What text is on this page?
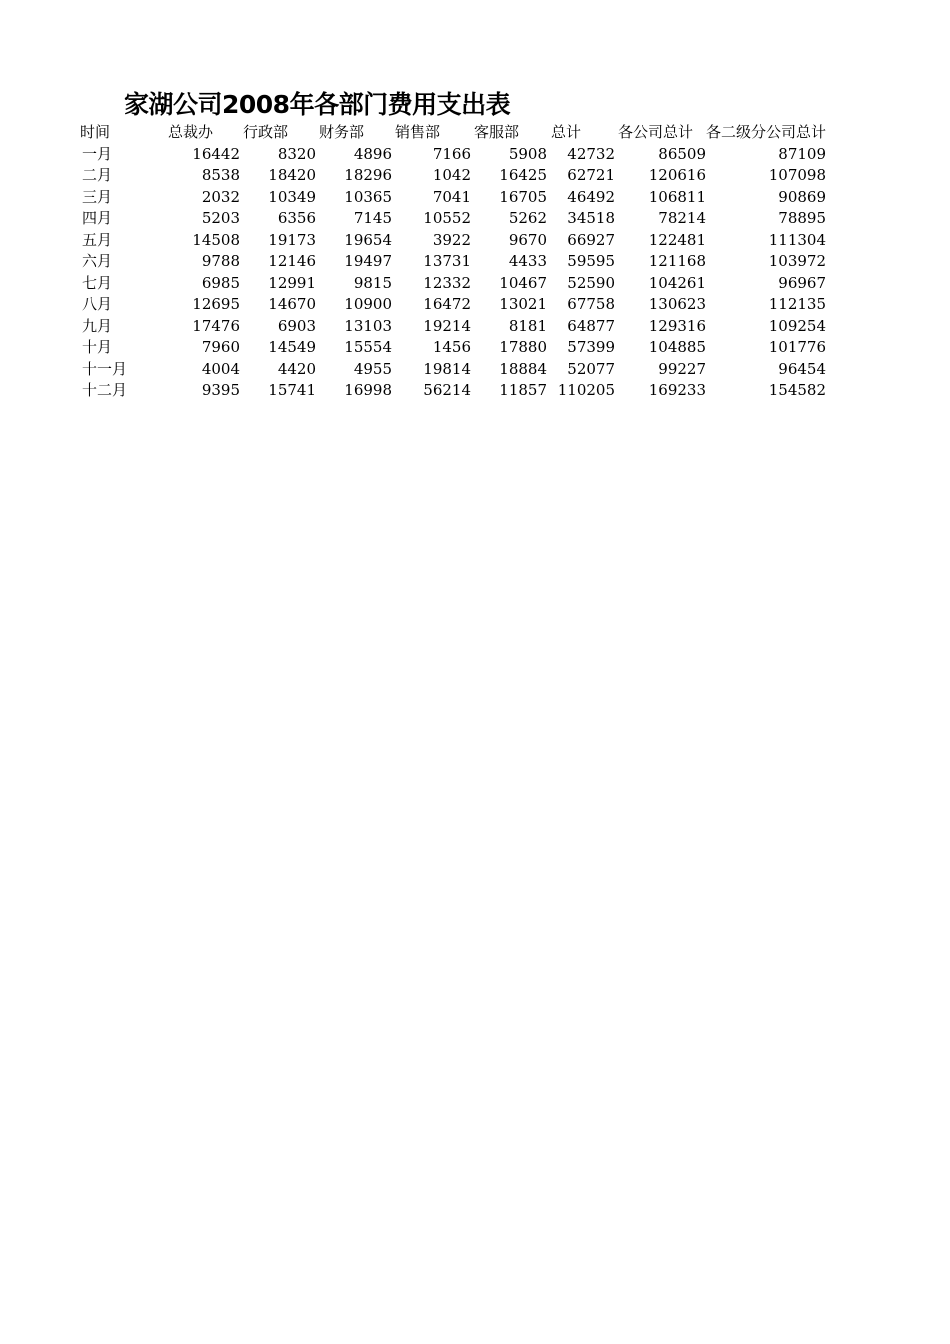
家湖公司2008年各部门费用支出表
时间	总裁办	行政部	财务部	销售部	客服部	总计	各公司总计	各二级分公司总计
一月	16442	8320	4896	7166	5908	42732	86509	87109
二月	8538	18420	18296	1042	16425	62721	120616	107098
三月	2032	10349	10365	7041	16705	46492	106811	90869
四月	5203	6356	7145	10552	5262	34518	78214	78895
五月	14508	19173	19654	3922	9670	66927	122481	111304
六月	9788	12146	19497	13731	4433	59595	121168	103972
七月	6985	12991	9815	12332	10467	52590	104261	96967
八月	12695	14670	10900	16472	13021	67758	130623	112135
九月	17476	6903	13103	19214	8181	64877	129316	109254
十月	7960	14549	15554	1456	17880	57399	104885	101776
十一月	4004	4420	4955	19814	18884	52077	99227	96454
十二月	9395	15741	16998	56214	11857	110205	169233	154582
